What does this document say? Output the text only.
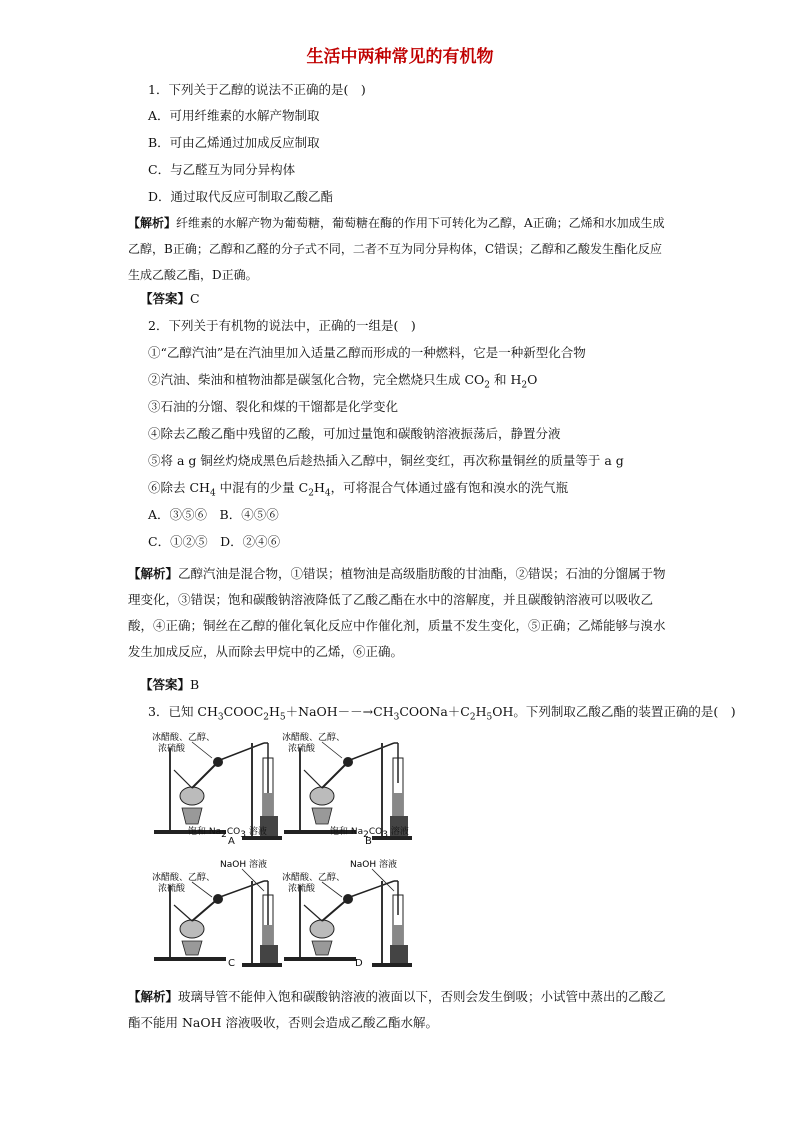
生活中两种常见的有机物
1．下列关于乙醇的说法不正确的是(　)
A．可用纤维素的水解产物制取
B．可由乙烯通过加成反应制取
C．与乙醛互为同分异构体
D．通过取代反应可制取乙酸乙酯
【解析】纤维素的水解产物为葡萄糖，葡萄糖在酶的作用下可转化为乙醇，A正确；乙烯和水加成生成乙醇，B正确；乙醇和乙醛的分子式不同，二者不互为同分异构体，C错误；乙醇和乙酸发生酯化反应生成乙酸乙酯，D正确。
【答案】C
2．下列关于有机物的说法中，正确的一组是(　)
①“乙醇汽油”是在汽油里加入适量乙醇而形成的一种燃料，它是一种新型化合物
②汽油、柴油和植物油都是碳氢化合物，完全燃烧只生成 $CO_2$ 和 $H_2O$
③石油的分馏、裂化和煤的干馏都是化学变化
④除去乙酸乙酯中残留的乙酸，可加过量饱和碳酸钠溶液振荡后，静置分液
⑤将 a g 铜丝灼烧成黑色后趁热插入乙醇中，铜丝变红，再次称量铜丝的质量等于 a g
⑥除去 $CH_4$ 中混有的少量 $C_2H_4$，可将混合气体通过盛有饱和溴水的洗气瓶
A．③⑤⑥　B．④⑤⑥
C．①②⑤　D．②④⑥
【解析】乙醇汽油是混合物，①错误；植物油是高级脂肪酸的甘油酯，②错误；石油的分馏属于物理变化，③错误；饱和碳酸钠溶液降低了乙酸乙酯在水中的溶解度，并且碳酸钠溶液可以吸收乙酸，④正确；铜丝在乙醇的催化氧化反应中作催化剂，质量不发生变化，⑤正确；乙烯能够与溴水发生加成反应，从而除去甲烷中的乙烯，⑥正确。
【答案】B
3．已知 $CH_3COOC_2H_5+NaOH--\to CH_3COONa+C_2H_5OH$。下列制取乙酸乙酯的装置正确的是(　)
冰醋酸、乙醇、
浓硫酸
饱和 $Na_2CO_3$ 溶液
A
冰醋酸、乙醇、
浓硫酸
饱和 $Na_2CO_3$ 溶液
B
NaOH 溶液
冰醋酸、乙醇、
浓硫酸
C
NaOH 溶液
冰醋酸、乙醇、
浓硫酸
D
【解析】玻璃导管不能伸入饱和碳酸钠溶液的液面以下，否则会发生倒吸；小试管中蒸出的乙酸乙酯不能用 NaOH 溶液吸收，否则会造成乙酸乙酯水解。
